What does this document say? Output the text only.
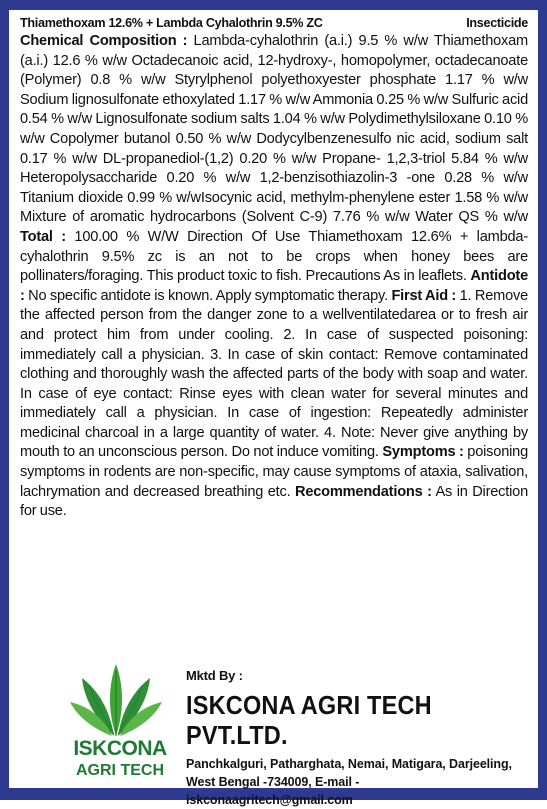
Thiamethoxam 12.6% + Lambda Cyhalothrin 9.5% ZC	Insecticide
Chemical Composition : Lambda-cyhalothrin (a.i.) 9.5 % w/w Thiamethoxam (a.i.) 12.6 % w/w Octadecanoic acid, 12-hydroxy-, homopolymer, octadecanoate (Polymer) 0.8 % w/w Styrylphenol polyethoxyester phosphate 1.17 % w/w Sodium lignosulfonate ethoxylated 1.17 % w/w Ammonia 0.25 % w/w Sulfuric acid 0.54 % w/w Lignosulfonate sodium salts 1.04 % w/w Polydimethylsiloxane 0.10 % w/w Copolymer butanol 0.50 % w/w Dodycylbenzenesulfo nic acid, sodium salt 0.17 % w/w DL-propanediol-(1,2) 0.20 % w/w Propane- 1,2,3-triol 5.84 % w/w Heteropolysaccharide 0.20 % w/w 1,2-benzisothiazolin-3 -one 0.28 % w/w Titanium dioxide 0.99 % w/wIsocynic acid, methylm-phenylene ester 1.58 % w/w Mixture of aromatic hydrocarbons (Solvent C-9) 7.76 % w/w Water QS % w/w Total : 100.00 % W/W Direction Of Use Thiamethoxam 12.6% + lambda-cyhalothrin 9.5% zc is an not to be crops when honey bees are pollinaters/foraging. This product toxic to fish. Precautions As in leaflets. Antidote : No specific antidote is known. Apply symptomatic therapy. First Aid : 1. Remove the affected person from the danger zone to a wellventilatedarea or to fresh air and protect him from under cooling. 2. In case of suspected poisoning: immediately call a physician. 3. In case of skin contact: Remove contaminated clothing and thoroughly wash the affected parts of the body with soap and water. In case of eye contact: Rinse eyes with clean water for several minutes and immediately call a physician. In case of ingestion: Repeatedly administer medicinal charcoal in a large quantity of water. 4. Note: Never give anything by mouth to an unconscious person. Do not induce vomiting. Symptoms : poisoning symptoms in rodents are non-specific, may cause symptoms of ataxia, salivation, lachrymation and decreased breathing etc. Recommendations : As in Direction for use.
ISKCONA
AGRI TECH
Mktd By :
ISKCONA AGRI TECH PVT.LTD.
Panchkalguri, Patharghata, Nemai, Matigara, Darjeeling,
West Bengal -734009, E-mail - iskconaagritech@gmail.com
